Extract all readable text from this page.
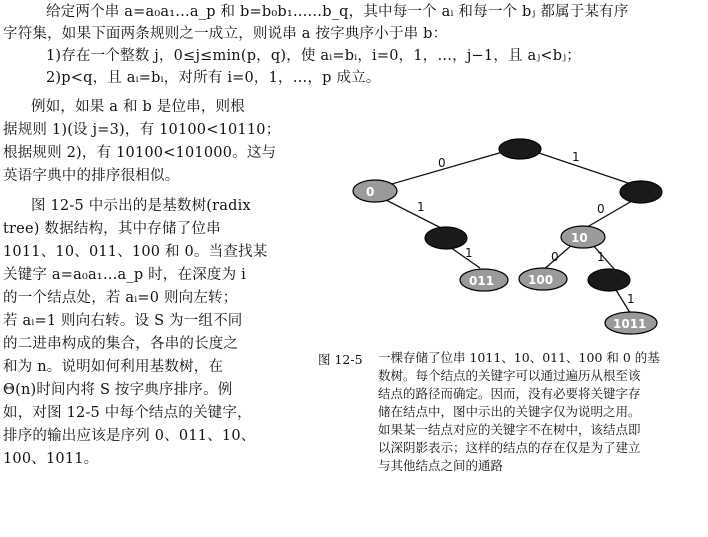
给定两个串 a=a₀a₁…a_p 和 b=b₀b₁……b_q，其中每一个 aᵢ 和每一个 bⱼ 都属于某有序
字符集，如果下面两条规则之一成立，则说串 a 按字典序小于串 b：
1)存在一个整数 j，0≤j≤min(p，q)，使 aᵢ=bᵢ，i=0，1，…，j−1，且 aⱼ<bⱼ；
2)p<q，且 aᵢ=bᵢ，对所有 i=0，1，…，p 成立。
例如，如果 a 和 b 是位串，则根
据规则 1)(设 j=3)，有 10100<10110；
根据规则 2)，有 10100<101000。这与
英语字典中的排序很相似。
图 12-5 中示出的是基数树(radix
tree) 数据结构，其中存储了位串
1011、10、011、100 和 0。当查找某
关键字 a=a₀a₁…a_p 时，在深度为 i
的一个结点处，若 aᵢ=0 则向左转；
若 aᵢ=1 则向右转。设 S 为一组不同
的二进串构成的集合，各串的长度之
和为 n。说明如何利用基数树，在
Θ(n)时间内将 S 按字典序排序。例
如，对图 12-5 中每个结点的关键字，
排序的输出应该是序列 0、011、10、
100、1011。
0	1
1	0
1	0	1
1
0
10
011	100
1011
图 12-5 一棵存储了位串 1011、10、011、100 和 0 的基
数树。每个结点的关键字可以通过遍历从根至该
结点的路径而确定。因而，没有必要将关键字存
储在结点中，图中示出的关键字仅为说明之用。
如果某一结点对应的关键字不在树中，该结点即
以深阴影表示；这样的结点的存在仅是为了建立
与其他结点之间的通路
